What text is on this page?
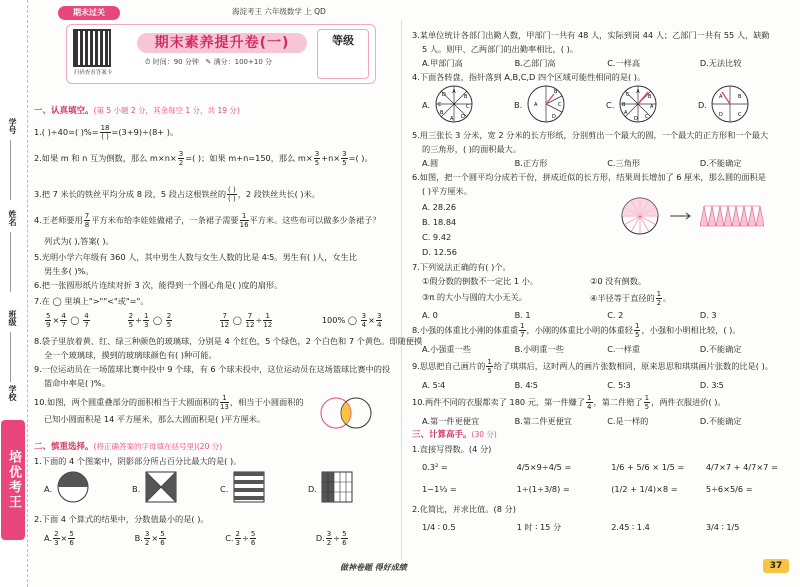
学号
姓名
班级
学校
培优考王
期末过关	海淀考王 六年级数学 上 QD
扫码查看答案卡
期末素养提升卷(一)
⏱ 时间：90 分钟 ✎ 满分：100+10 分
等级
一、认真填空。(第 5 小题 2 分，其余每空 1 分，共 19 分)
1.( )÷40=( )%= $\frac{18}{( )} =(3+9)\div(8+$ )。
2.如果 m 和 n 互为倒数，那么 $m\times n\times \frac{3}{2}$ =( )；如果 m+n=150，那么 $m\times \frac{3}{5} +n\times \frac{3}{5}$ =( )。
3.把 7 米长的铁丝平均分成 8 段，5 段占这根铁丝的 $\frac{( )}{( )}$ ，2 段铁丝共长( )米。
4.王老师要用 $\frac{7}{8}$ 平方米布给李娃娃做裙子，一条裙子需要 $\frac{1}{16}$ 平方米。这些布可以做多少条裙子？
列式为( ),答案( )。
5.光明小学六年级有 360 人，其中男生人数与女生人数的比是 4∶5。男生有( )人，女生比
男生多( )%。
6.把一张圆形纸片连续对折 3 次，能得到一个圆心角是( )度的扇形。
7.在 ◯ 里填上">""<"或"="。
$\frac{5}{9} \times \frac{4}{7}$ ◯ $\frac{4}{7}$
	$\frac{2}{5} \div \frac{1}{3}$ ◯ $\frac{2}{5}$
	$\frac{7}{12}$ ◯ $\frac{7}{12} \div \frac{1}{12}$	100% ◯ $\frac{3}{4} \times \frac{3}{4}$
8.袋子里放着黄、红、绿三种颜色的玻璃球，分别是 4 个红色，5 个绿色，2 个白色和 7 个黄色。即随便摸
全一个玻璃球，摸到的玻璃球颜色有( )种可能。
9.一位运动员在一场篮球比赛中投中 9 个球，有 6 个球未投中，这位运动员在这场篮球比赛中的投
篮命中率是( )%。
10.如图，两个圆重叠部分的面积相当于大圆面积的 $\frac{1}{13}$ ，相当于小圆面积的
已知小圆面积是 14 平方厘米，那么大圆面积是( )平方厘米。
二、慎重选择。(将正确答案的字母填在括号里)(20 分)
1.下面的 4 个图案中，阴影部分所占百分比最大的是( )。
A.	B.	C.	D.
2.下面 4 个算式的结果中，分数值最小的是( )。
A. $\frac{2}{3} \times \frac{5}{6}$	B. $\frac{3}{2} \times \frac{5}{6}$	C. $\frac{2}{3} \div \frac{5}{6}$	D. $\frac{3}{2} \div \frac{5}{6}$
3.某单位统计各部门出勤人数，甲部门一共有 48 人，实际到岗 44 人；乙部门一共有 55 人，缺勤
5 人。则甲、乙两部门的出勤率相比，( )。
A.甲部门高	B.乙部门高	C.一样高	D.无法比较
4.下面各转盘，指针落到 A,B,C,D 四个区域可能性相同的是( )。
A.
A
B
C
D
A
B
C
D
B. A
B
C
D
C.
A
B
A
C
D
A
B
C
D.
A	B
C
D
5.用三张长 3 分米，宽 2 分米的长方形纸，分别剪出一个最大的圆，一个最大的正方形和一个最大
的三角形，( )的面积最大。
A.圆	B.正方形	C.三角形	D.不能确定
6.如图，把一个圆平均分成若干份，拼成近似的长方形，结果周长增加了 6 厘米，那么圆的面积是
( )平方厘米。
A. 28.26
B. 18.84
C. 9.42
D. 12.56
7.下列说法正确的有( )个。
①假分数的倒数不一定比 1 小。	②0 没有倒数。
③π 的大小与圆的大小无关。	④半径等于直径的 $\frac{1}{2}$ 。
A. 0	B. 1	C. 2	D. 3
8.小强的体重比小刚的体重重 $\frac{1}{7}$ ，小刚的体重比小明的体重轻 $\frac{1}{5}$ ，小强和小明相比较，( )。
A.小强重一些	B.小明重一些	C.一样重	D.不能确定
9.思思把自己画片的 $\frac{1}{5}$ 给了琪琪后，这时两人的画片张数相同，原来思思和琪琪画片张数的比是( )。
A. 5∶4	B. 4∶5	C. 5∶3	D. 3∶5
10.两件不同的衣服都卖了 180 元，第一件赚了 $\frac{1}{4}$ ，第二件赔了 $\frac{1}{5}$ ，两件衣服进价( )。
A.第一件更便宜	B.第二件更便宜	C.是一样的	D.不能确定
三、计算高手。(30 分)
1.直接写得数。(4 分)
0.3² =	4/5×9÷4/5 =	1/6 + 5/6 × 1/5 =	4/7×7 + 4/7×7 =
1−1⅓ =	1÷(1÷3/8) =	(1/2 + 1/4)×8 =	5÷6×5/6 =
2.化简比，并求比值。(8 分)
1/4 ∶ 0.5	1 时 ∶ 15 分	2.45 ∶ 1.4	3/4 ∶ 1/5
做神卷题 得好成绩	37
